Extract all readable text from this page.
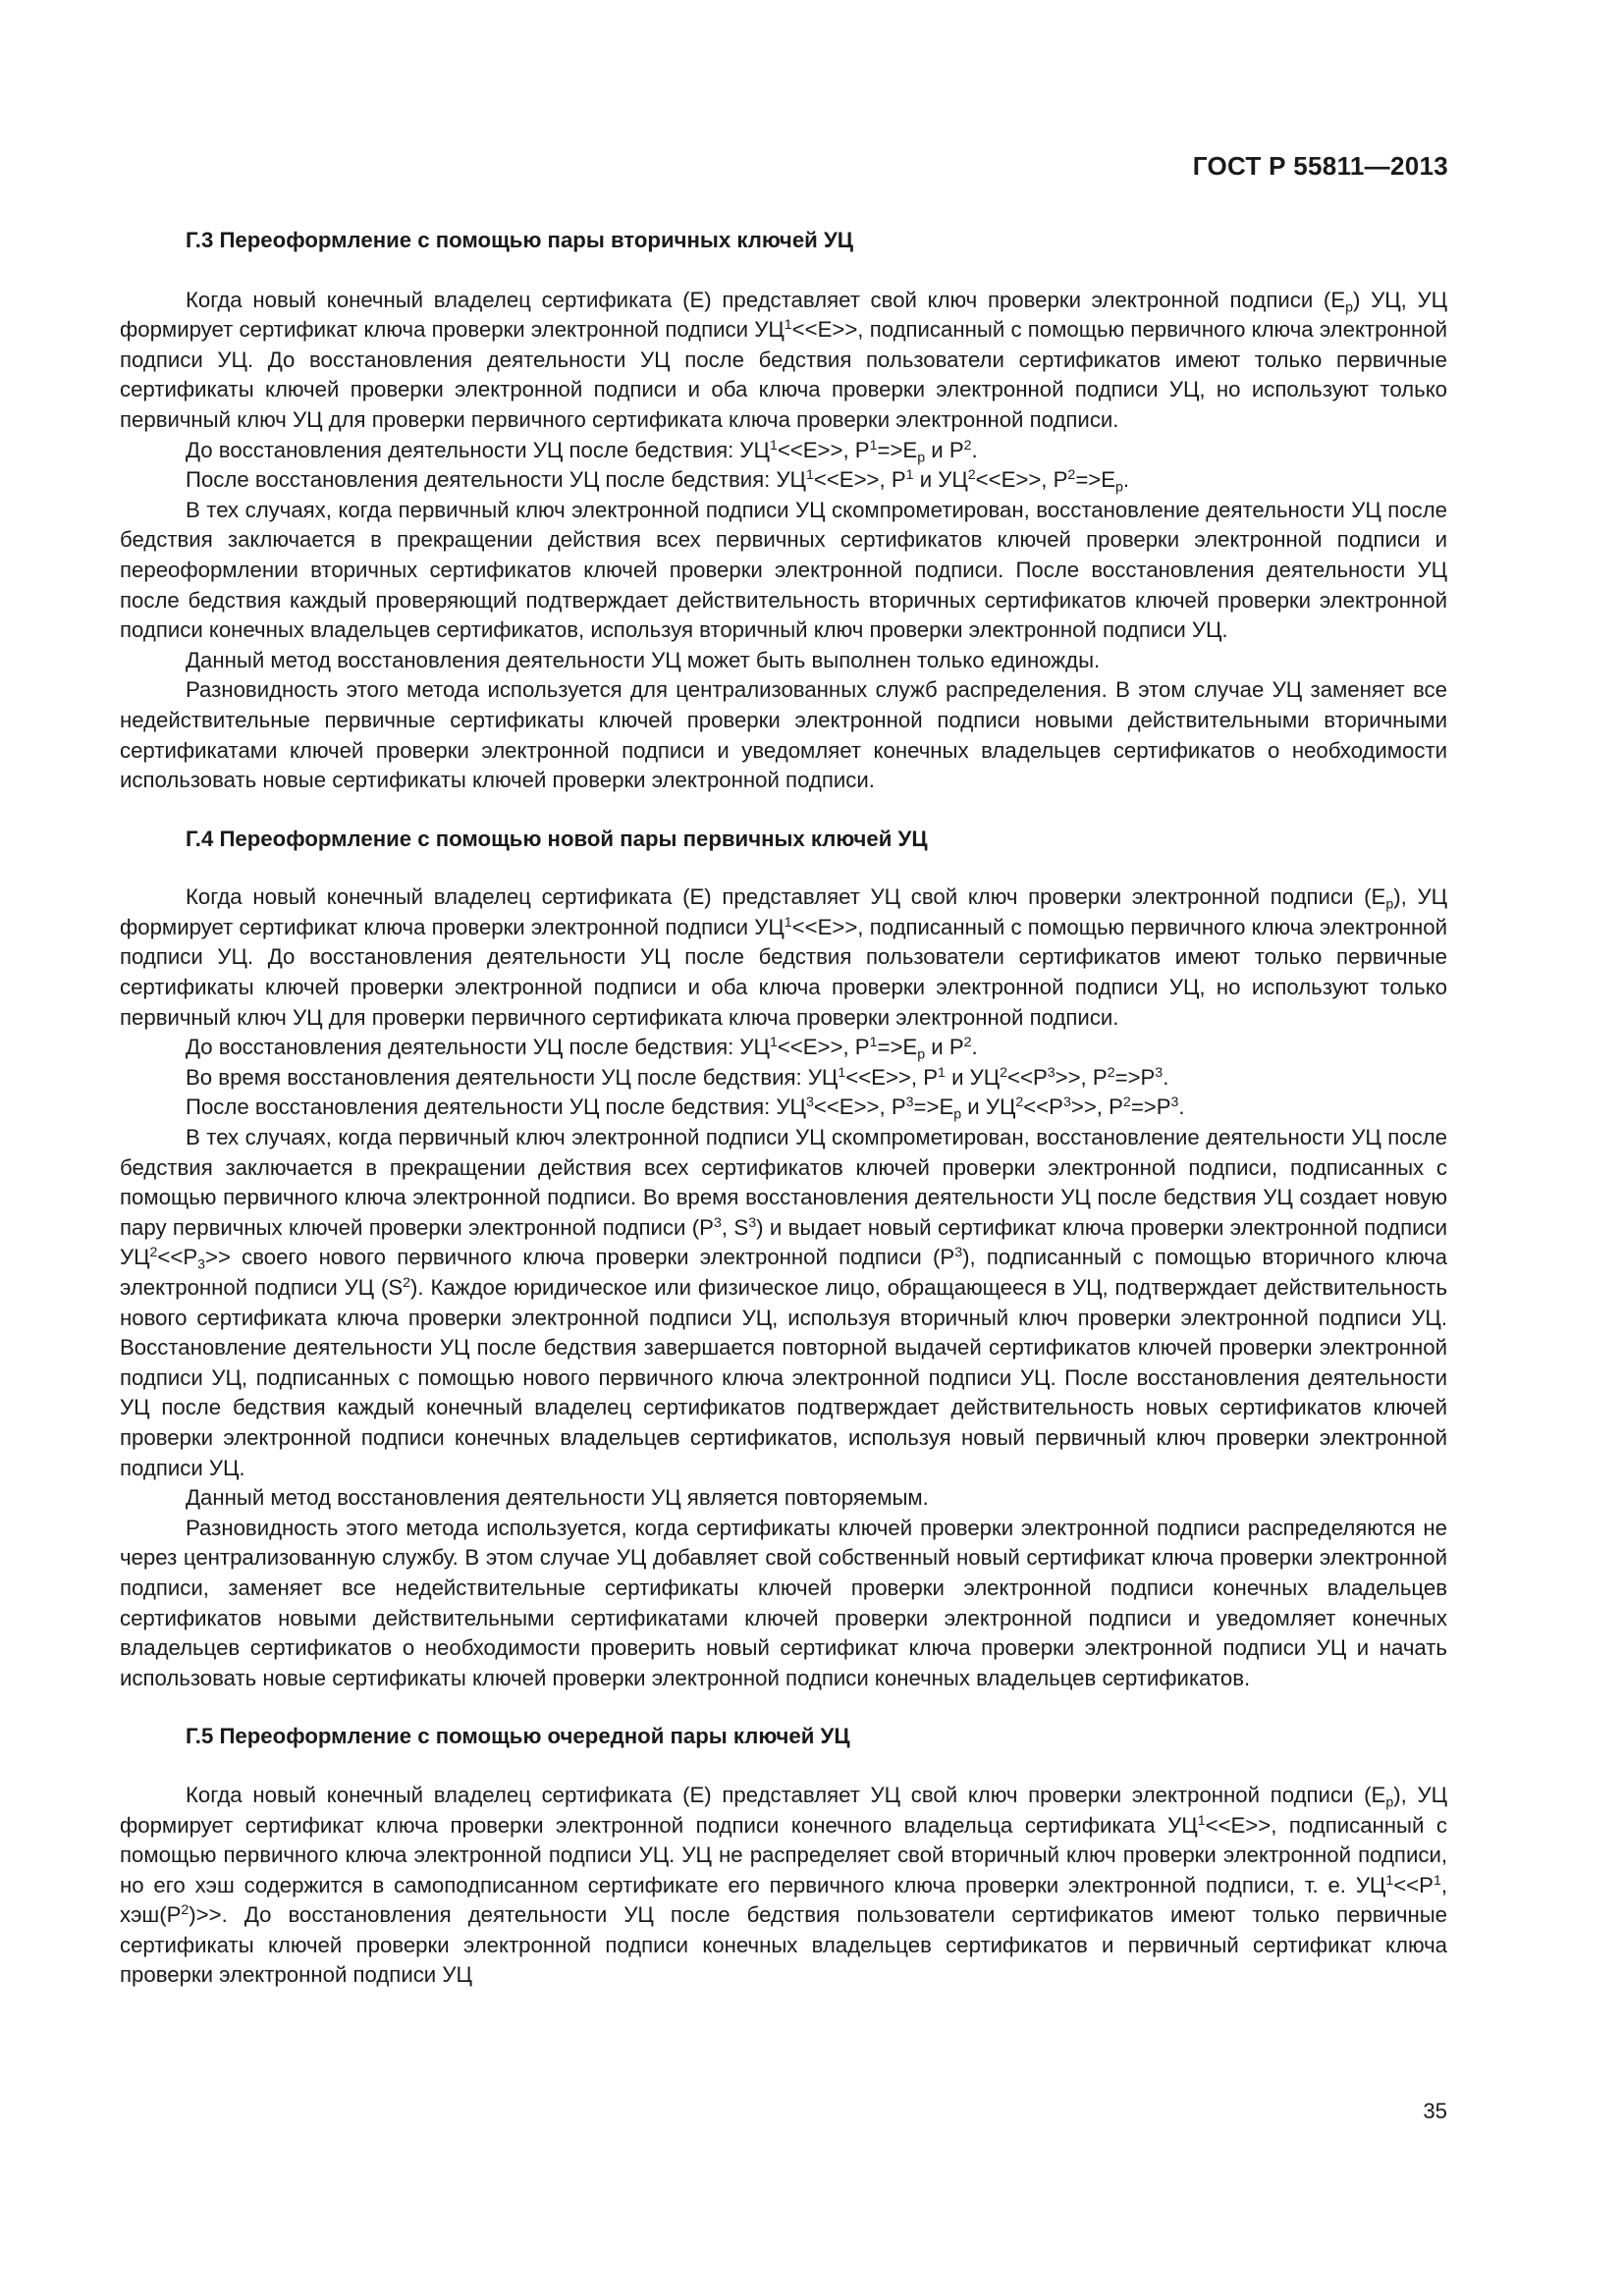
ГОСТ Р 55811—2013
Г.3 Переоформление с помощью пары вторичных ключей УЦ

Когда новый конечный владелец сертификата (E) представляет свой ключ проверки электронной подписи $(E_p)$ УЦ, УЦ формирует сертификат ключа проверки электронной подписи $УЦ^1<<E>>$, подписанный с помощью первичного ключа электронной подписи УЦ. До восстановления деятельности УЦ после бедствия пользователи сертификатов имеют только первичные сертификаты ключей проверки электронной подписи и оба ключа проверки электронной подписи УЦ, но используют только первичный ключ УЦ для проверки первичного сертификата ключа проверки электронной подписи.

До восстановления деятельности УЦ после бедствия: $УЦ^1<<E>>$, $P^1=>E_p$ и $P^2$.

После восстановления деятельности УЦ после бедствия: $УЦ^1<<E>>$, $P^1$ и $УЦ^2<<E>>$, $P^2=>E_p$.

В тех случаях, когда первичный ключ электронной подписи УЦ скомпрометирован, восстановление деятельности УЦ после бедствия заключается в прекращении действия всех первичных сертификатов ключей проверки электронной подписи и переоформлении вторичных сертификатов ключей проверки электронной подписи. После восстановления деятельности УЦ после бедствия каждый проверяющий подтверждает действительность вторичных сертификатов ключей проверки электронной подписи конечных владельцев сертификатов, используя вторичный ключ проверки электронной подписи УЦ.

Данный метод восстановления деятельности УЦ может быть выполнен только единожды.

Разновидность этого метода используется для централизованных служб распределения. В этом случае УЦ заменяет все недействительные первичные сертификаты ключей проверки электронной подписи новыми действительными вторичными сертификатами ключей проверки электронной подписи и уведомляет конечных владельцев сертификатов о необходимости использовать новые сертификаты ключей проверки электронной подписи.

Г.4 Переоформление с помощью новой пары первичных ключей УЦ

Когда новый конечный владелец сертификата (E) представляет УЦ свой ключ проверки электронной подписи $(E_p)$, УЦ формирует сертификат ключа проверки электронной подписи $УЦ^1<<E>>$, подписанный с помощью первичного ключа электронной подписи УЦ. До восстановления деятельности УЦ после бедствия пользователи сертификатов имеют только первичные сертификаты ключей проверки электронной подписи и оба ключа проверки электронной подписи УЦ, но используют только первичный ключ УЦ для проверки первичного сертификата ключа проверки электронной подписи.

До восстановления деятельности УЦ после бедствия: $УЦ^1<<E>>$, $P^1=>E_p$ и $P^2$.

Во время восстановления деятельности УЦ после бедствия: $УЦ^1<<E>>$, $P^1$ и $УЦ^2<<P^3>>$, $P^2=>P^3$.

После восстановления деятельности УЦ после бедствия: $УЦ^3<<E>>$, $P^3=>E_p$ и $УЦ^2<<P^3>>$, $P^2=>P^3$.

В тех случаях, когда первичный ключ электронной подписи УЦ скомпрометирован, восстановление деятельности УЦ после бедствия заключается в прекращении действия всех сертификатов ключей проверки электронной подписи, подписанных с помощью первичного ключа электронной подписи. Во время восстановления деятельности УЦ после бедствия УЦ создает новую пару первичных ключей проверки электронной подписи ($P^3$, $S^3$) и выдает новый сертификат ключа проверки электронной подписи $УЦ^2<<P_3>>$ своего нового первичного ключа проверки электронной подписи $(P^3)$, подписанный с помощью вторичного ключа электронной подписи УЦ $(S^2)$. Каждое юридическое или физическое лицо, обращающееся в УЦ, подтверждает действительность нового сертификата ключа проверки электронной подписи УЦ, используя вторичный ключ проверки электронной подписи УЦ. Восстановление деятельности УЦ после бедствия завершается повторной выдачей сертификатов ключей проверки электронной подписи УЦ, подписанных с помощью нового первичного ключа электронной подписи УЦ. После восстановления деятельности УЦ после бедствия каждый конечный владелец сертификатов подтверждает действительность новых сертификатов ключей проверки электронной подписи конечных владельцев сертификатов, используя новый первичный ключ проверки электронной подписи УЦ.

Данный метод восстановления деятельности УЦ является повторяемым.

Разновидность этого метода используется, когда сертификаты ключей проверки электронной подписи распределяются не через централизованную службу. В этом случае УЦ добавляет свой собственный новый сертификат ключа проверки электронной подписи, заменяет все недействительные сертификаты ключей проверки электронной подписи конечных владельцев сертификатов новыми действительными сертификатами ключей проверки электронной подписи и уведомляет конечных владельцев сертификатов о необходимости проверить новый сертификат ключа проверки электронной подписи УЦ и начать использовать новые сертификаты ключей проверки электронной подписи конечных владельцев сертификатов.

Г.5 Переоформление с помощью очередной пары ключей УЦ

Когда новый конечный владелец сертификата (E) представляет УЦ свой ключ проверки электронной подписи $(E_p)$, УЦ формирует сертификат ключа проверки электронной подписи конечного владельца сертификата $УЦ^1<<E>>$, подписанный с помощью первичного ключа электронной подписи УЦ. УЦ не распределяет свой вторичный ключ проверки электронной подписи, но его хэш содержится в самоподписанном сертификате его первичного ключа проверки электронной подписи, т. е. $УЦ^1<<P^1$, $хэш(P^2)>>$. До восстановления деятельности УЦ после бедствия пользователи сертификатов имеют только первичные сертификаты ключей проверки электронной подписи конечных владельцев сертификатов и первичный сертификат ключа проверки электронной подписи УЦ

35
